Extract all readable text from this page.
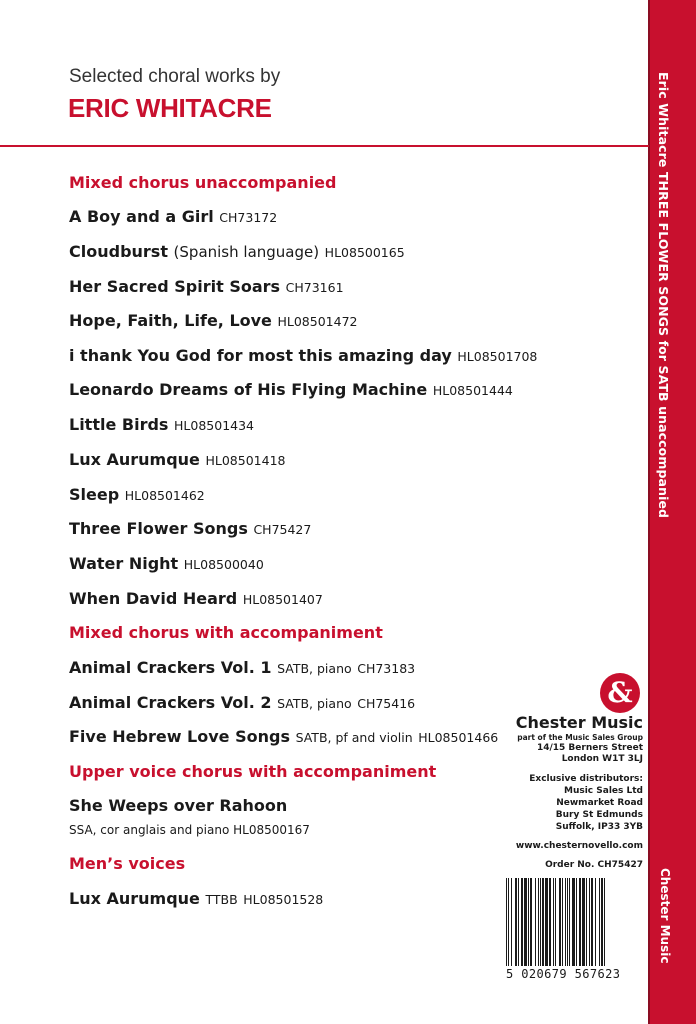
Eric Whitacre THREE FLOWER SONGS for SATB unaccompanied
Chester Music
Selected choral works by
ERIC WHITACRE
Mixed chorus unaccompanied
A Boy and a Girl CH73172
Cloudburst (Spanish language) HL08500165
Her Sacred Spirit Soars CH73161
Hope, Faith, Life, Love HL08501472
i thank You God for most this amazing day HL08501708
Leonardo Dreams of His Flying Machine HL08501444
Little Birds HL08501434
Lux Aurumque HL08501418
Sleep HL08501462
Three Flower Songs CH75427
Water Night HL08500040
When David Heard HL08501407
Mixed chorus with accompaniment
Animal Crackers Vol. 1 SATB, piano CH73183
Animal Crackers Vol. 2 SATB, piano CH75416
Five Hebrew Love Songs SATB, pf and violin HL08501466
Upper voice chorus with accompaniment
She Weeps over Rahoon
SSA, cor anglais and piano HL08500167
Men’s voices
Lux Aurumque TTBB HL08501528
&
Chester Music
part of the Music Sales Group
14/15 Berners Street
London W1T 3LJ
Exclusive distributors:
Music Sales Ltd
Newmarket Road
Bury St Edmunds
Suffolk, IP33 3YB
www.chesternovello.com
Order No. CH75427
5 020679 567623
